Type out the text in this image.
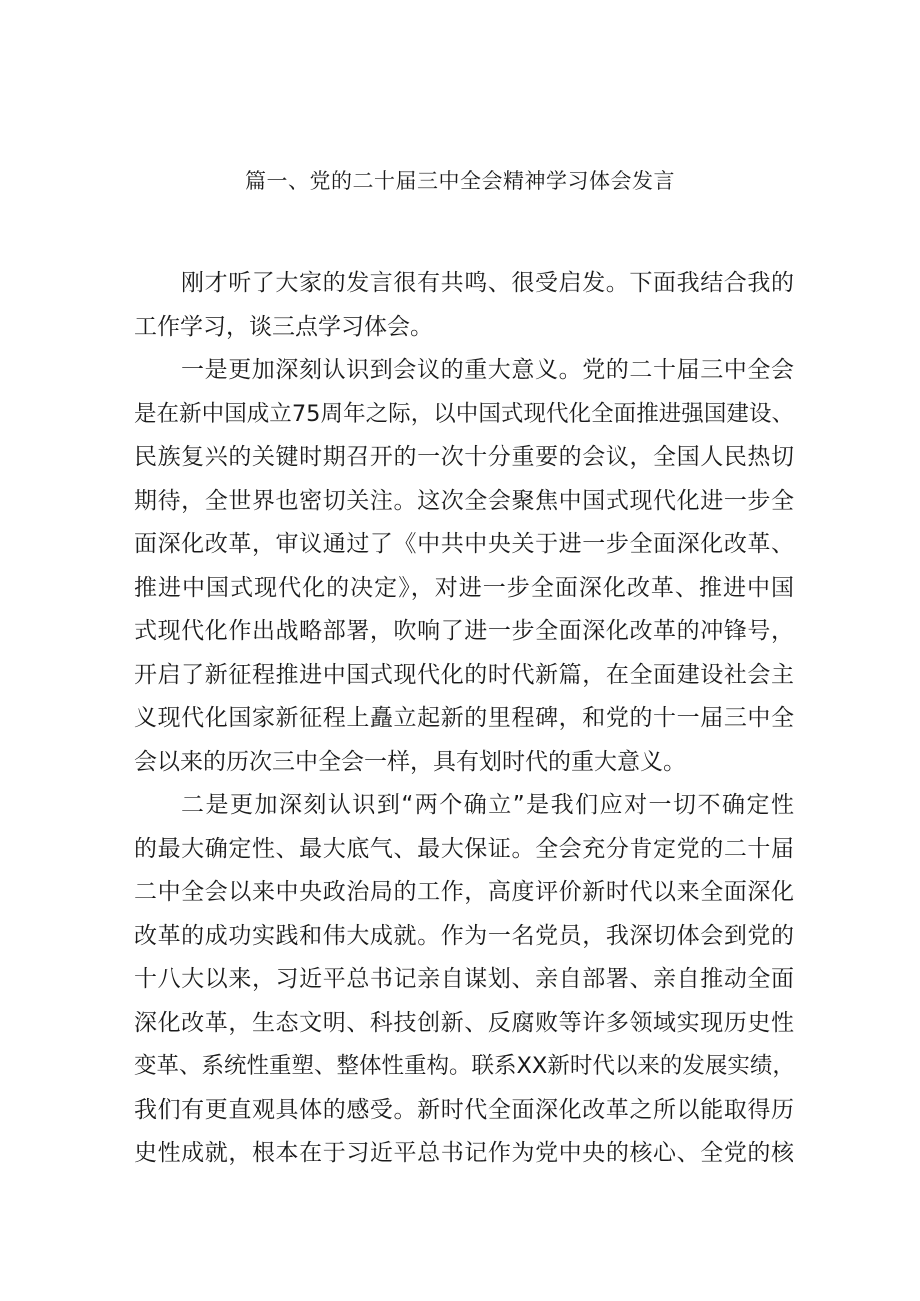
篇一、党的二十届三中全会精神学习体会发言
刚才听了大家的发言很有共鸣、很受启发。下面我结合我的
工作学习，谈三点学习体会。
一是更加深刻认识到会议的重大意义。党的二十届三中全会
是在新中国成立75周年之际，以中国式现代化全面推进强国建设、
民族复兴的关键时期召开的一次十分重要的会议，全国人民热切
期待，全世界也密切关注。这次全会聚焦中国式现代化进一步全
面深化改革，审议通过了《中共中央关于进一步全面深化改革、
推进中国式现代化的决定》，对进一步全面深化改革、推进中国
式现代化作出战略部署，吹响了进一步全面深化改革的冲锋号，
开启了新征程推进中国式现代化的时代新篇，在全面建设社会主
义现代化国家新征程上矗立起新的里程碑，和党的十一届三中全
会以来的历次三中全会一样，具有划时代的重大意义。
二是更加深刻认识到“两个确立”是我们应对一切不确定性
的最大确定性、最大底气、最大保证。全会充分肯定党的二十届
二中全会以来中央政治局的工作，高度评价新时代以来全面深化
改革的成功实践和伟大成就。作为一名党员，我深切体会到党的
十八大以来，习近平总书记亲自谋划、亲自部署、亲自推动全面
深化改革，生态文明、科技创新、反腐败等许多领域实现历史性
变革、系统性重塑、整体性重构。联系XX新时代以来的发展实绩，
我们有更直观具体的感受。新时代全面深化改革之所以能取得历
史性成就，根本在于习近平总书记作为党中央的核心、全党的核
